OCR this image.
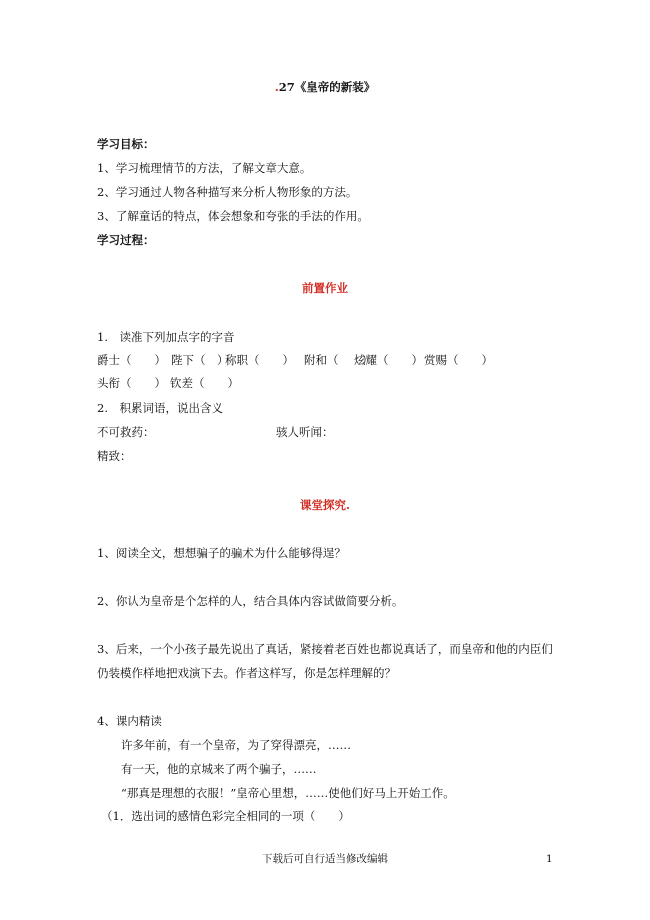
.27《皇帝的新装》
学习目标：
1、学习梳理情节的方法，了解文章大意。
2、学习通过人物各种描写来分析人物形象的方法。
3、了解童话的特点，体会想象和夸张的手法的作用。
学习过程：
前置作业
1.　读准下列加点字的字音
爵士（　　） 陛下（　）
称职（　　） 附和（　　）
炫耀（　　） 赏赐（　　）
头衔（　　） 钦差（　　）
2.　积累词语，说出含义
不可救药：	骇人听闻：
精致：
课堂探究.
1、阅读全文，想想骗子的骗术为什么能够得逞？
2、你认为皇帝是个怎样的人，结合具体内容试做简要分析。
3、后来，一个小孩子最先说出了真话，紧接着老百姓也都说真话了，而皇帝和他的内臣们
仍装模作样地把戏演下去。作者这样写，你是怎样理解的？
4、课内精读
许多年前，有一个皇帝，为了穿得漂亮，……
有一天，他的京城来了两个骗子，……
“那真是理想的衣服！”皇帝心里想，……使他们好马上开始工作。
（1．选出词的感情色彩完全相同的一项（　　）
下载后可自行适当修改编辑	1
